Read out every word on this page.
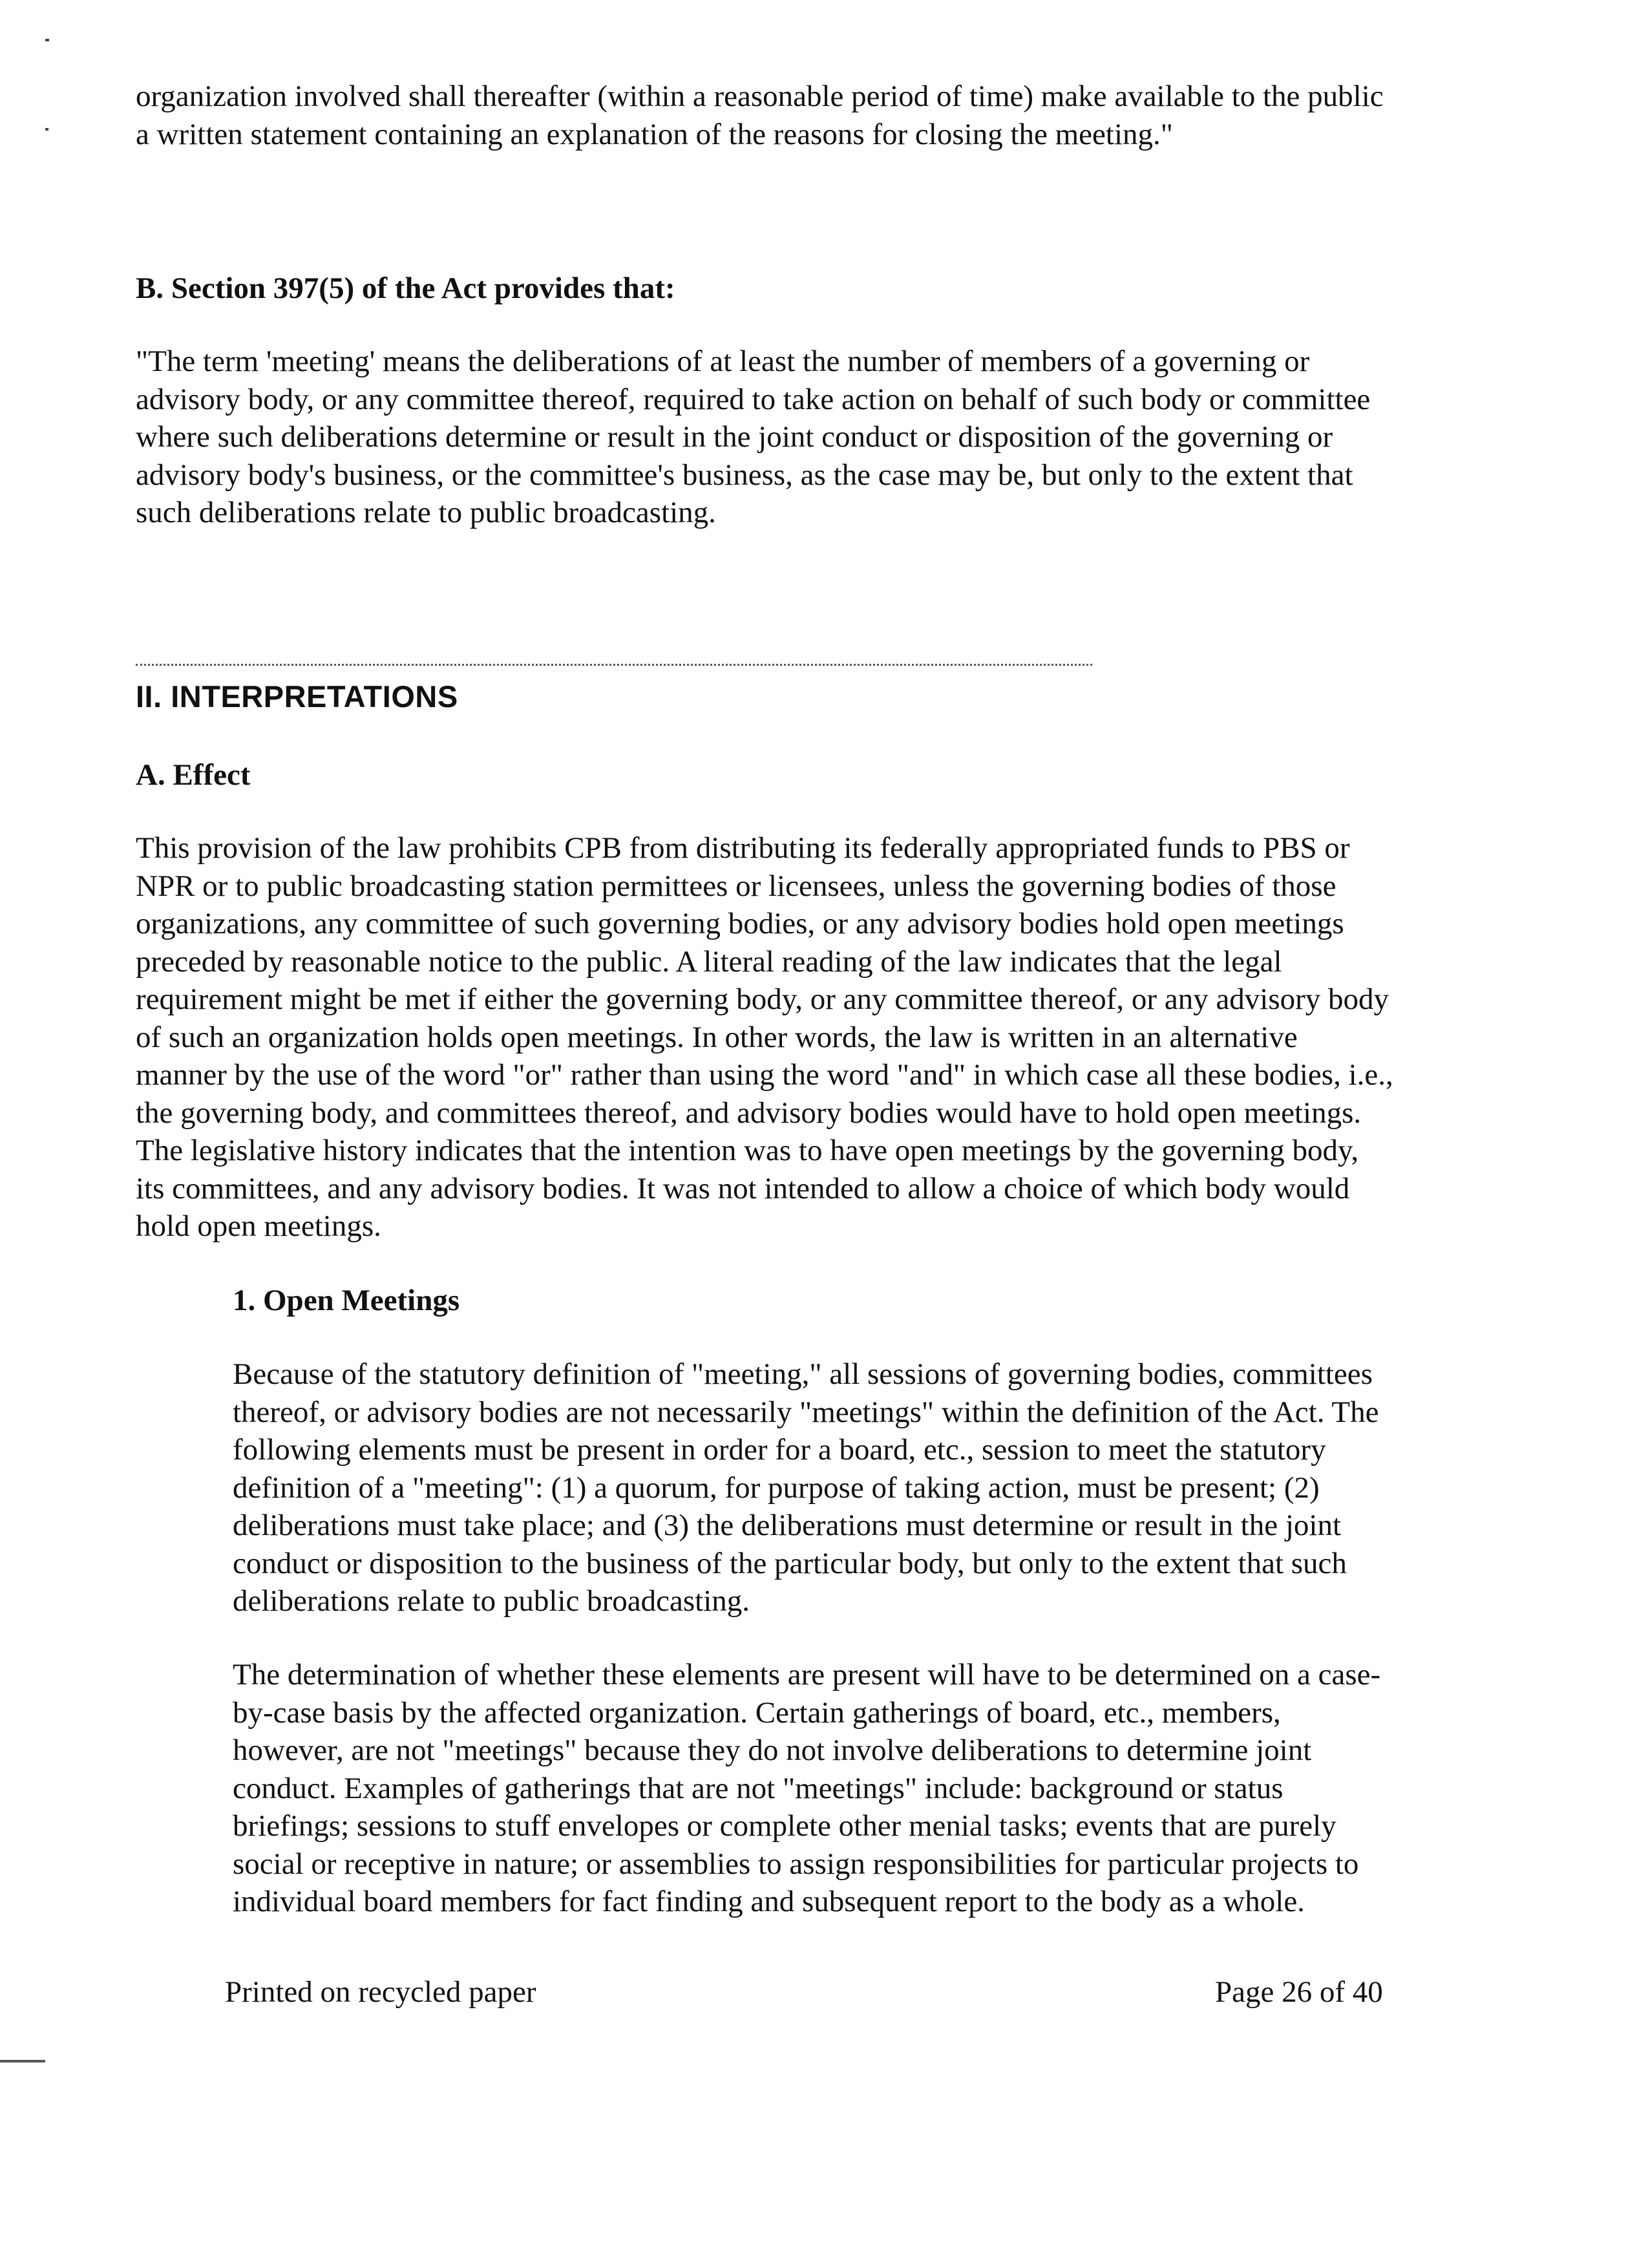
organization involved shall thereafter (within a reasonable period of time) make available to the public
a written statement containing an explanation of the reasons for closing the meeting."

B. Section 397(5) of the Act provides that:

"The term 'meeting' means the deliberations of at least the number of members of a governing or
advisory body, or any committee thereof, required to take action on behalf of such body or committee
where such deliberations determine or result in the joint conduct or disposition of the governing or
advisory body's business, or the committee's business, as the case may be, but only to the extent that
such deliberations relate to public broadcasting.

II. INTERPRETATIONS

A. Effect

This provision of the law prohibits CPB from distributing its federally appropriated funds to PBS or
NPR or to public broadcasting station permittees or licensees, unless the governing bodies of those
organizations, any committee of such governing bodies, or any advisory bodies hold open meetings
preceded by reasonable notice to the public. A literal reading of the law indicates that the legal
requirement might be met if either the governing body, or any committee thereof, or any advisory body
of such an organization holds open meetings. In other words, the law is written in an alternative
manner by the use of the word "or" rather than using the word "and" in which case all these bodies, i.e.,
the governing body, and committees thereof, and advisory bodies would have to hold open meetings.
The legislative history indicates that the intention was to have open meetings by the governing body,
its committees, and any advisory bodies. It was not intended to allow a choice of which body would
hold open meetings.

1. Open Meetings

Because of the statutory definition of "meeting," all sessions of governing bodies, committees
thereof, or advisory bodies are not necessarily "meetings" within the definition of the Act. The
following elements must be present in order for a board, etc., session to meet the statutory
definition of a "meeting": (1) a quorum, for purpose of taking action, must be present; (2)
deliberations must take place; and (3) the deliberations must determine or result in the joint
conduct or disposition to the business of the particular body, but only to the extent that such
deliberations relate to public broadcasting.

The determination of whether these elements are present will have to be determined on a case-
by-case basis by the affected organization. Certain gatherings of board, etc., members,
however, are not "meetings" because they do not involve deliberations to determine joint
conduct. Examples of gatherings that are not "meetings" include: background or status
briefings; sessions to stuff envelopes or complete other menial tasks; events that are purely
social or receptive in nature; or assemblies to assign responsibilities for particular projects to
individual board members for fact finding and subsequent report to the body as a whole.

Printed on recycled paper	Page 26 of 40
